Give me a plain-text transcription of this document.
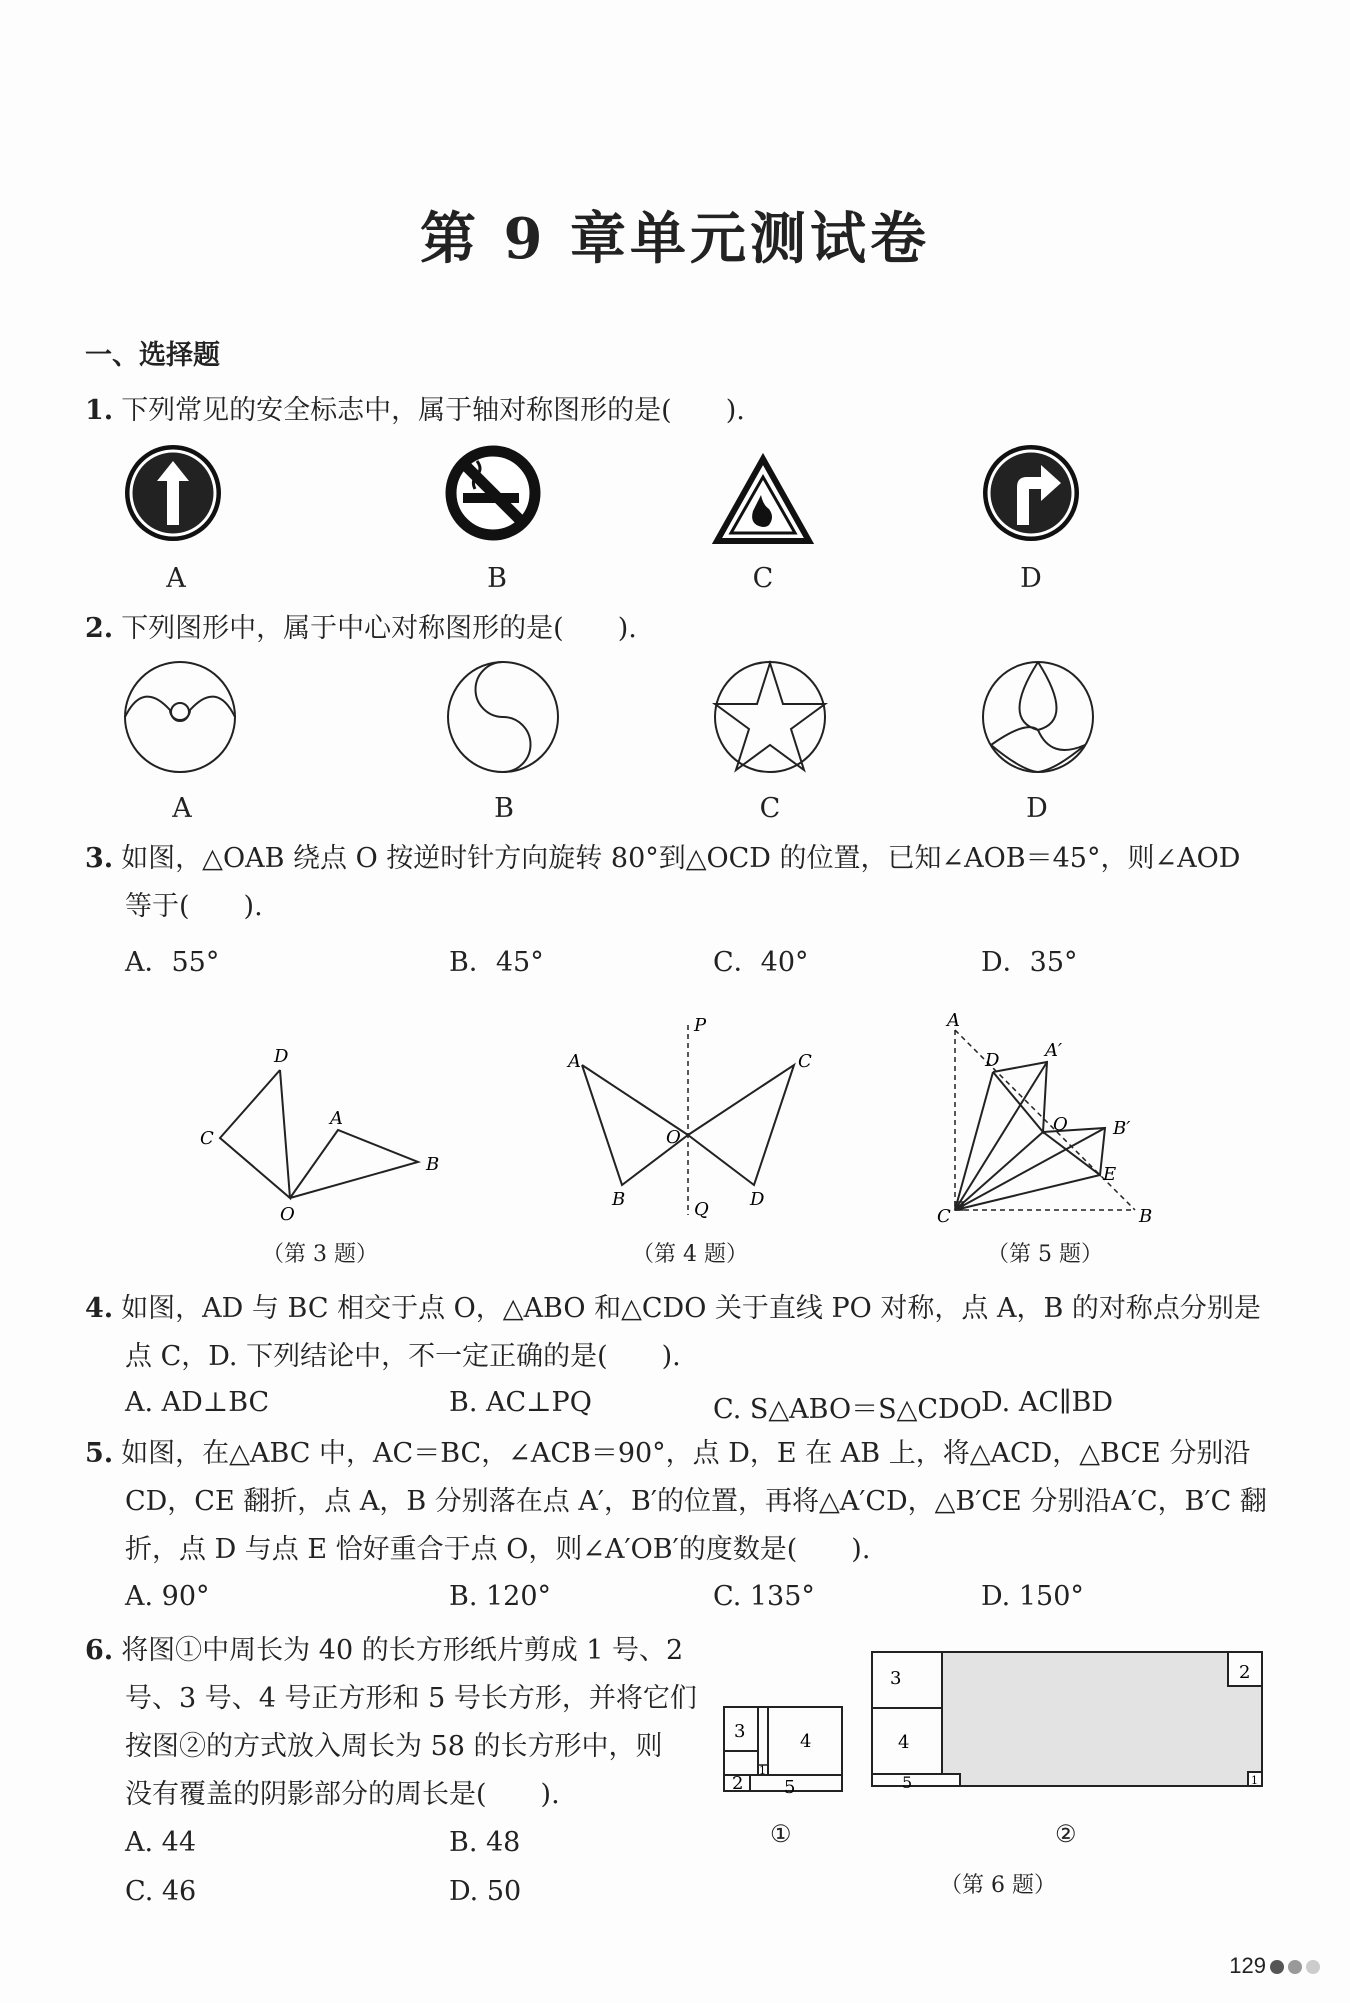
第 9 章单元测试卷
一、选择题
1. 下列常见的安全标志中，属于轴对称图形的是(　　).
A	B	C	D
2. 下列图形中，属于中心对称图形的是(　　).
A	B	C	D
3. 如图，△OAB 绕点 O 按逆时针方向旋转 80°到△OCD 的位置，已知∠AOB＝45°，则∠AOD
等于(　　).
A．55°	B．45°	C．40°	D．35°
D
A
C
B
O
P
A	C
O
B	D
Q
A
D	A′
O	B′
E
C	B
（第 3 题）	（第 4 题）	（第 5 题）
4. 如图，AD 与 BC 相交于点 O，△ABO 和△CDO 关于直线 PO 对称，点 A，B 的对称点分别是
点 C，D. 下列结论中，不一定正确的是(　　).
A. AD⊥BC	B. AC⊥PQ	C. S△ABO＝S△CDO D. AC∥BD
5. 如图，在△ABC 中，AC＝BC，∠ACB＝90°，点 D，E 在 AB 上，将△ACD，△BCE 分别沿
CD，CE 翻折，点 A，B 分别落在点 A′，B′的位置，再将△A′CD，△B′CE 分别沿A′C，B′C 翻
折，点 D 与点 E 恰好重合于点 O，则∠A′OB′的度数是(　　).
A. 90°	B. 120°	C. 135°	D. 150°
6. 将图①中周长为 40 的长方形纸片剪成 1 号、2
号、3 号、4 号正方形和 5 号长方形，并将它们
按图②的方式放入周长为 58 的长方形中，则
没有覆盖的阴影部分的周长是(　　).
A. 44	B. 48
C. 46	D. 50
3	4
1
2 5
3
4
5
2
1
①	②
（第 6 题）
129
